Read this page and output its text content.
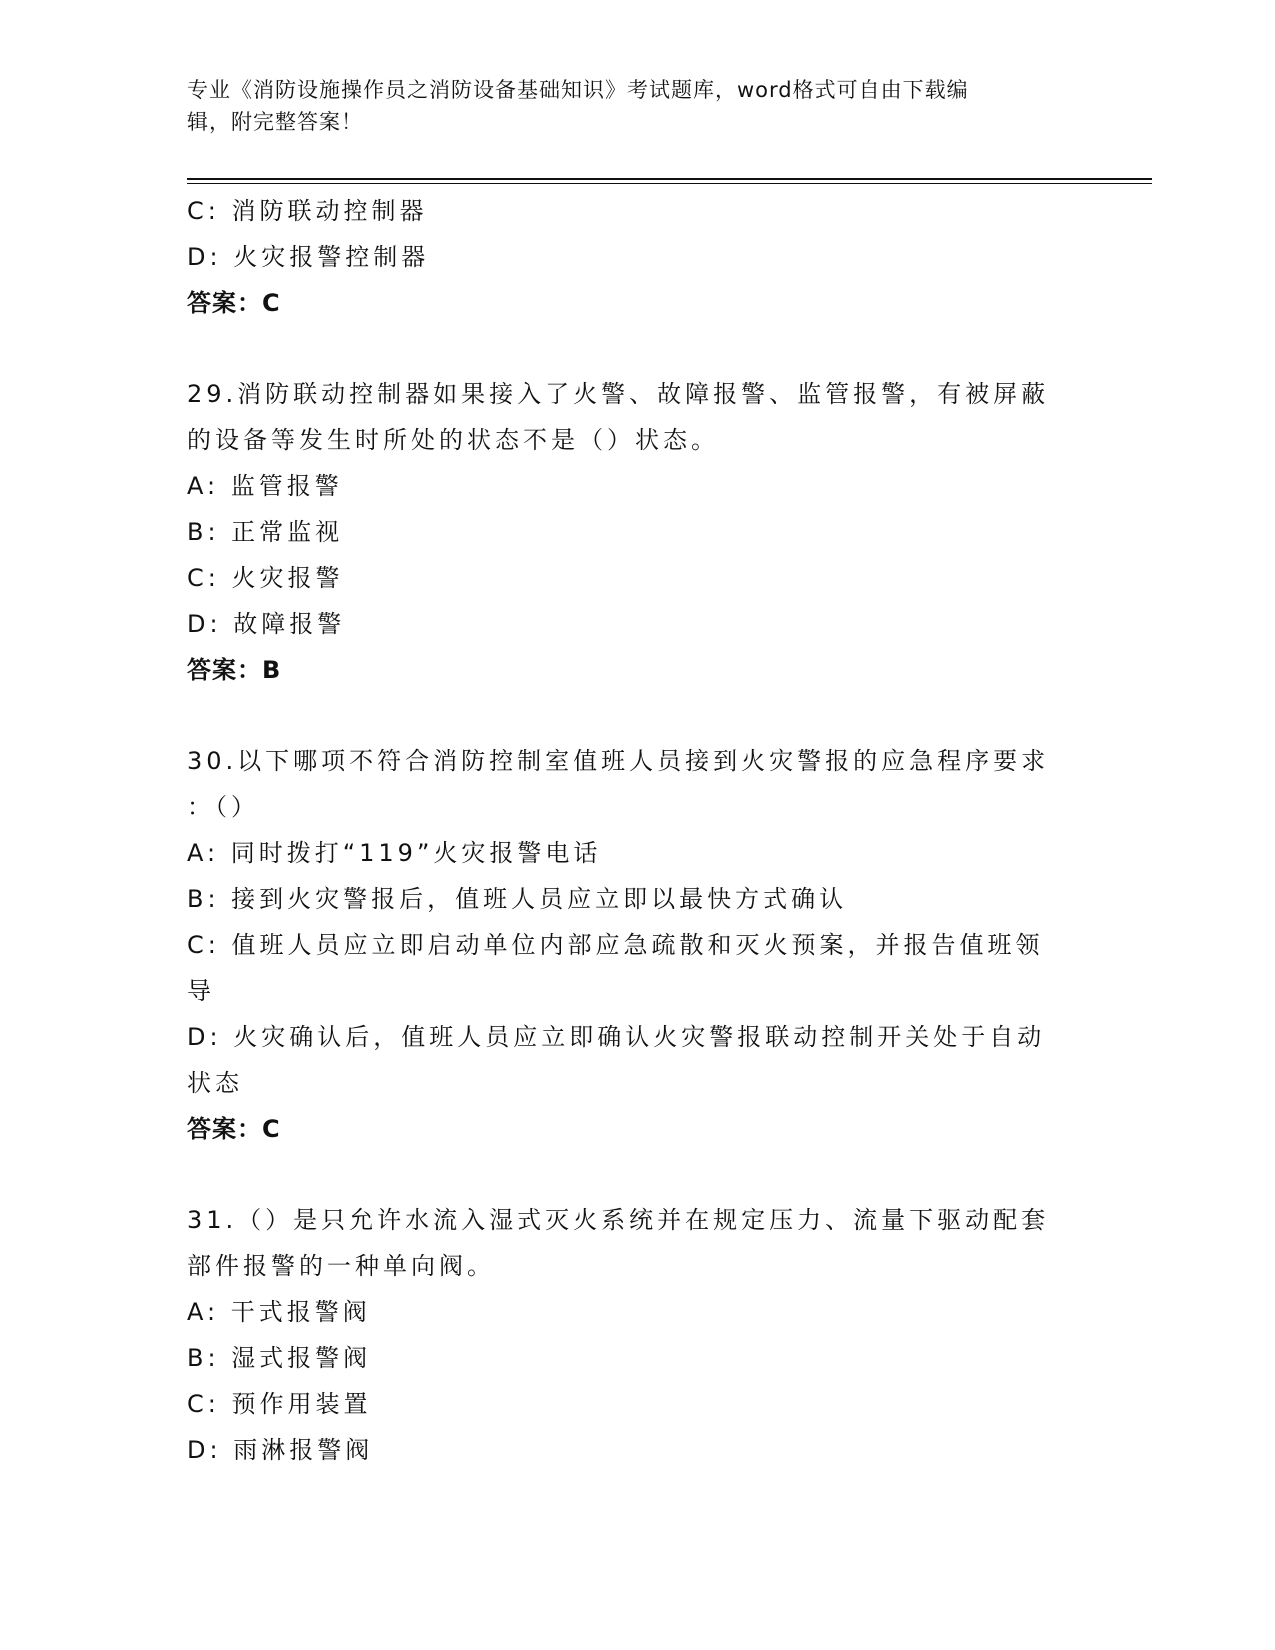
专业《消防设施操作员之消防设备基础知识》考试题库，word格式可自由下载编
辑，附完整答案！
C: 消防联动控制器
D: 火灾报警控制器
答案：C
29.消防联动控制器如果接入了火警、故障报警、监管报警，有被屏蔽
的设备等发生时所处的状态不是（）状态。
A: 监管报警
B: 正常监视
C: 火灾报警
D: 故障报警
答案：B
30.以下哪项不符合消防控制室值班人员接到火灾警报的应急程序要求
：（）
A: 同时拨打“119”火灾报警电话
B: 接到火灾警报后，值班人员应立即以最快方式确认
C: 值班人员应立即启动单位内部应急疏散和灭火预案，并报告值班领
导
D: 火灾确认后，值班人员应立即确认火灾警报联动控制开关处于自动
状态
答案：C
31.（）是只允许水流入湿式灭火系统并在规定压力、流量下驱动配套
部件报警的一种单向阀。
A: 干式报警阀
B: 湿式报警阀
C: 预作用装置
D: 雨淋报警阀
